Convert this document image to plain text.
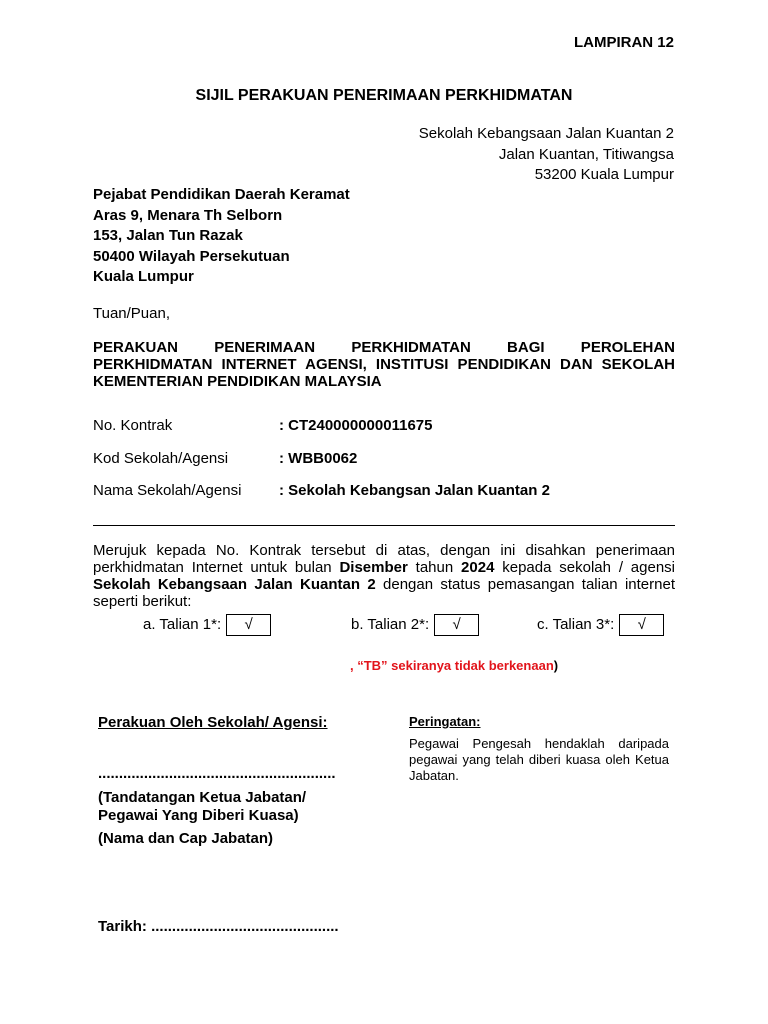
LAMPIRAN 12
SIJIL PERAKUAN PENERIMAAN PERKHIDMATAN
Sekolah Kebangsaan Jalan Kuantan 2
Jalan Kuantan, Titiwangsa
53200 Kuala Lumpur
Pejabat Pendidikan Daerah Keramat
Aras 9, Menara Th Selborn
153, Jalan Tun Razak
50400 Wilayah Persekutuan
Kuala Lumpur
Tuan/Puan,
PERAKUAN PENERIMAAN PERKHIDMATAN BAGI PEROLEHAN
PERKHIDMATAN INTERNET AGENSI, INSTITUSI PENDIDIKAN DAN SEKOLAH KEMENTERIAN PENDIDIKAN MALAYSIA
No. Kontrak	: CT240000000011675
Kod Sekolah/Agensi	: WBB0062
Nama Sekolah/Agensi	: Sekolah Kebangsan Jalan Kuantan 2
Merujuk kepada No. Kontrak tersebut di atas, dengan ini disahkan penerimaan perkhidmatan Internet untuk bulan Disember tahun 2024 kepada sekolah / agensi Sekolah Kebangsaan Jalan Kuantan 2 dengan status pemasangan talian internet seperti berikut:
a. Talian 1*: √	b. Talian 2*: √	c. Talian 3*: √
, “TB” sekiranya tidak berkenaan)
Perakuan Oleh Sekolah/ Agensi:
.........................................................
(Tandatangan Ketua Jabatan/
Pegawai Yang Diberi Kuasa)
(Nama dan Cap Jabatan)
Tarikh: .............................................
Peringatan:
Pegawai Pengesah hendaklah daripada pegawai yang telah diberi kuasa oleh Ketua Jabatan.
